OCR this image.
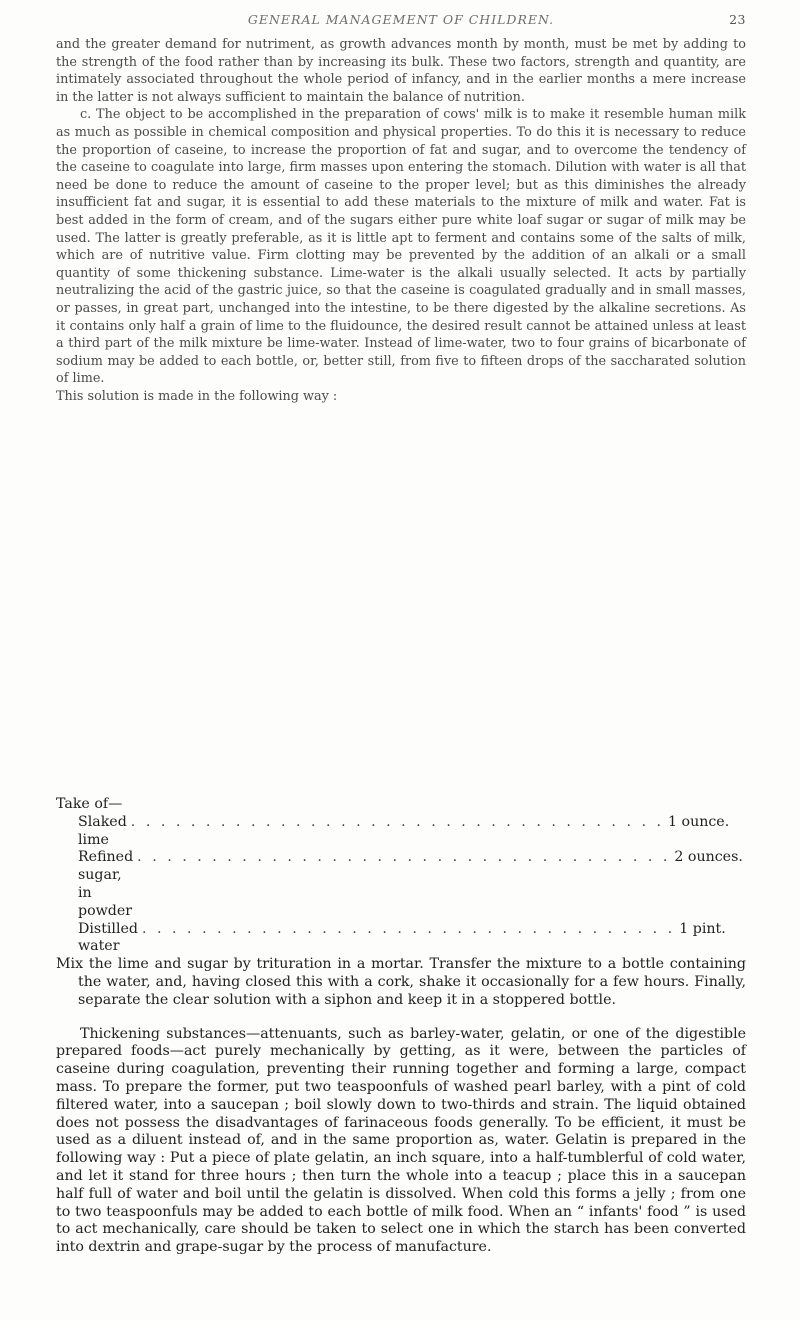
GENERAL MANAGEMENT OF CHILDREN.	23

and the greater demand for nutriment, as growth advances month by month, must be met by adding to the strength of the food rather than by increasing its bulk. These two factors, strength and quantity, are intimately associated throughout the whole period of infancy, and in the earlier months a mere increase in the latter is not always sufficient to maintain the balance of nutrition.

c. The object to be accomplished in the preparation of cows' milk is to make it resemble human milk as much as possible in chemical composition and physical properties. To do this it is necessary to reduce the proportion of caseine, to increase the proportion of fat and sugar, and to overcome the tendency of the caseine to coagulate into large, firm masses upon entering the stomach. Dilution with water is all that need be done to reduce the amount of caseine to the proper level; but as this diminishes the already insufficient fat and sugar, it is essential to add these materials to the mixture of milk and water. Fat is best added in the form of cream, and of the sugars either pure white loaf sugar or sugar of milk may be used. The latter is greatly preferable, as it is little apt to ferment and contains some of the salts of milk, which are of nutritive value. Firm clotting may be prevented by the addition of an alkali or a small quantity of some thickening substance. Lime-water is the alkali usually selected. It acts by partially neutralizing the acid of the gastric juice, so that the caseine is coagulated gradually and in small masses, or passes, in great part, unchanged into the intestine, to be there digested by the alkaline secretions. As it contains only half a grain of lime to the fluidounce, the desired result cannot be attained unless at least a third part of the milk mixture be lime-water. Instead of lime-water, two to four grains of bicarbonate of sodium may be added to each bottle, or, better still, from five to fifteen drops of the saccharated solution of lime.

This solution is made in the following way :

Take of—

Slaked lime
. . . . . . . . . . . . . . . . . . . . . . . . . . . . . . . . . . . . 1 ounce.
Refined sugar, in powder
. . . . . . . . . . . . . . . . . . . . . . . . . . . . . . . . . . . . 2 ounces.
Distilled water
. . . . . . . . . . . . . . . . . . . . . . . . . . . . . . . . . . . . 1 pint.

Mix the lime and sugar by trituration in a mortar. Transfer the mixture to a bottle containing the water, and, having closed this with a cork, shake it occasionally for a few hours. Finally, separate the clear solution with a siphon and keep it in a stoppered bottle.

Thickening substances—attenuants, such as barley-water, gelatin, or one of the digestible prepared foods—act purely mechanically by getting, as it were, between the particles of caseine during coagulation, preventing their running together and forming a large, compact mass. To prepare the former, put two teaspoonfuls of washed pearl barley, with a pint of cold filtered water, into a saucepan ; boil slowly down to two-thirds and strain. The liquid obtained does not possess the disadvantages of farinaceous foods generally. To be efficient, it must be used as a diluent instead of, and in the same proportion as, water. Gelatin is prepared in the following way : Put a piece of plate gelatin, an inch square, into a half-tumblerful of cold water, and let it stand for three hours ; then turn the whole into a teacup ; place this in a saucepan half full of water and boil until the gelatin is dissolved. When cold this forms a jelly ; from one to two teaspoonfuls may be added to each bottle of milk food. When an “ infants' food ” is used to act mechanically, care should be taken to select one in which the starch has been converted into dextrin and grape-sugar by the process of manufacture.
